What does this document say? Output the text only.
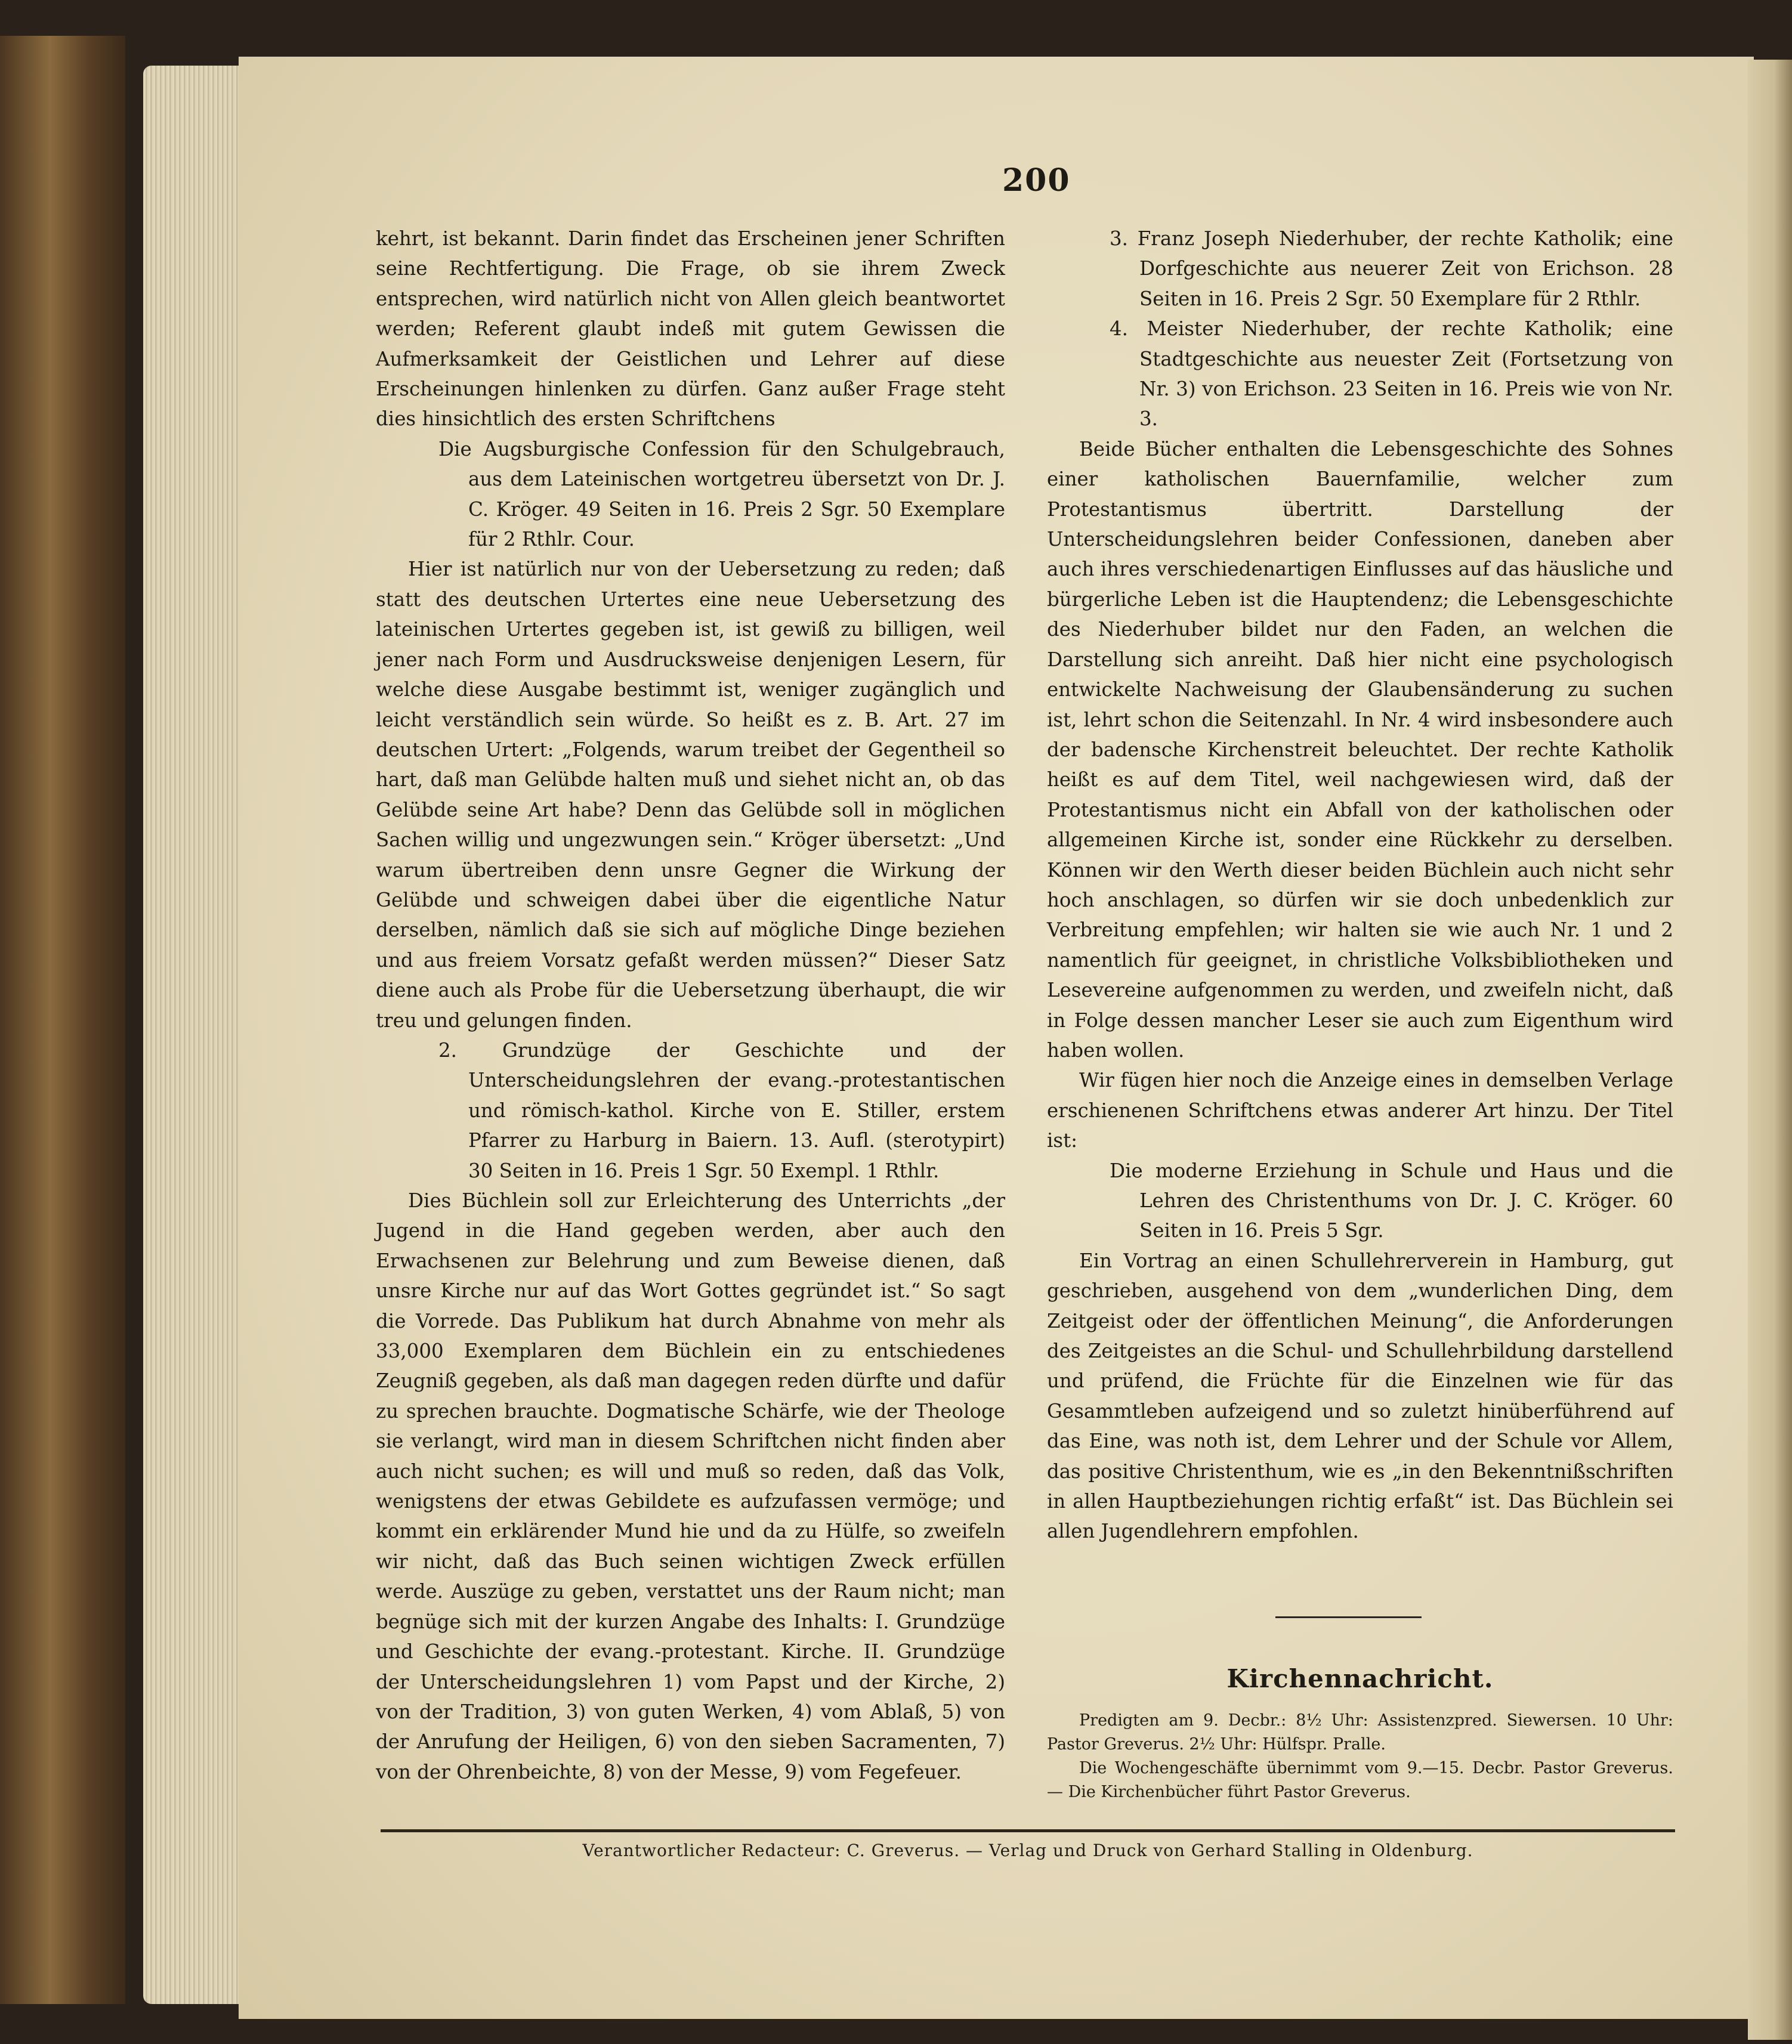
200

kehrt, ist bekannt. Darin findet das Erscheinen jener Schriften seine Rechtfertigung. Die Frage, ob sie ihrem Zweck entsprechen, wird natürlich nicht von Allen gleich beantwortet werden; Referent glaubt indeß mit gutem Gewissen die Aufmerksamkeit der Geistlichen und Lehrer auf diese Erscheinungen hinlenken zu dürfen. Ganz außer Frage steht dies hinsichtlich des ersten Schriftchens

Die Augsburgische Confession für den Schulgebrauch, aus dem Lateinischen wortgetreu übersetzt von Dr. J. C. Kröger. 49 Seiten in 16. Preis 2 Sgr. 50 Exemplare für 2 Rthlr. Cour.

Hier ist natürlich nur von der Uebersetzung zu reden; daß statt des deutschen Urtertes eine neue Uebersetzung des lateinischen Urtertes gegeben ist, ist gewiß zu billigen, weil jener nach Form und Ausdrucksweise denjenigen Lesern, für welche diese Ausgabe bestimmt ist, weniger zugänglich und leicht verständlich sein würde. So heißt es z. B. Art. 27 im deutschen Urtert: „Folgends, warum treibet der Gegentheil so hart, daß man Gelübde halten muß und siehet nicht an, ob das Gelübde seine Art habe? Denn das Gelübde soll in möglichen Sachen willig und ungezwungen sein.“ Kröger übersetzt: „Und warum übertreiben denn unsre Gegner die Wirkung der Gelübde und schweigen dabei über die eigentliche Natur derselben, nämlich daß sie sich auf mögliche Dinge beziehen und aus freiem Vorsatz gefaßt werden müssen?“ Dieser Satz diene auch als Probe für die Uebersetzung überhaupt, die wir treu und gelungen finden.

2. Grundzüge der Geschichte und der Unterscheidungslehren der evang.-protestantischen und römisch-kathol. Kirche von E. Stiller, erstem Pfarrer zu Harburg in Baiern. 13. Aufl. (sterotypirt) 30 Seiten in 16. Preis 1 Sgr. 50 Exempl. 1 Rthlr.

Dies Büchlein soll zur Erleichterung des Unterrichts „der Jugend in die Hand gegeben werden, aber auch den Erwachsenen zur Belehrung und zum Beweise dienen, daß unsre Kirche nur auf das Wort Gottes gegründet ist.“ So sagt die Vorrede. Das Publikum hat durch Abnahme von mehr als 33,000 Exemplaren dem Büchlein ein zu entschiedenes Zeugniß gegeben, als daß man dagegen reden dürfte und dafür zu sprechen brauchte. Dogmatische Schärfe, wie der Theologe sie verlangt, wird man in diesem Schriftchen nicht finden aber auch nicht suchen; es will und muß so reden, daß das Volk, wenigstens der etwas Gebildete es aufzufassen vermöge; und kommt ein erklärender Mund hie und da zu Hülfe, so zweifeln wir nicht, daß das Buch seinen wichtigen Zweck erfüllen werde. Auszüge zu geben, verstattet uns der Raum nicht; man begnüge sich mit der kurzen Angabe des Inhalts: I. Grundzüge und Geschichte der evang.-protestant. Kirche. II. Grundzüge der Unterscheidungslehren 1) vom Papst und der Kirche, 2) von der Tradition, 3) von guten Werken, 4) vom Ablaß, 5) von der Anrufung der Heiligen, 6) von den sieben Sacramenten, 7) von der Ohrenbeichte, 8) von der Messe, 9) vom Fegefeuer.

3. Franz Joseph Niederhuber, der rechte Katholik; eine Dorfgeschichte aus neuerer Zeit von Erichson. 28 Seiten in 16. Preis 2 Sgr. 50 Exemplare für 2 Rthlr.

4. Meister Niederhuber, der rechte Katholik; eine Stadtgeschichte aus neuester Zeit (Fortsetzung von Nr. 3) von Erichson. 23 Seiten in 16. Preis wie von Nr. 3.

Beide Bücher enthalten die Lebensgeschichte des Sohnes einer katholischen Bauernfamilie, welcher zum Protestantismus übertritt. Darstellung der Unterscheidungslehren beider Confessionen, daneben aber auch ihres verschiedenartigen Einflusses auf das häusliche und bürgerliche Leben ist die Hauptendenz; die Lebensgeschichte des Niederhuber bildet nur den Faden, an welchen die Darstellung sich anreiht. Daß hier nicht eine psychologisch entwickelte Nachweisung der Glaubensänderung zu suchen ist, lehrt schon die Seitenzahl. In Nr. 4 wird insbesondere auch der badensche Kirchenstreit beleuchtet. Der rechte Katholik heißt es auf dem Titel, weil nachgewiesen wird, daß der Protestantismus nicht ein Abfall von der katholischen oder allgemeinen Kirche ist, sonder eine Rückkehr zu derselben. Können wir den Werth dieser beiden Büchlein auch nicht sehr hoch anschlagen, so dürfen wir sie doch unbedenklich zur Verbreitung empfehlen; wir halten sie wie auch Nr. 1 und 2 namentlich für geeignet, in christliche Volksbibliotheken und Lesevereine aufgenommen zu werden, und zweifeln nicht, daß in Folge dessen mancher Leser sie auch zum Eigenthum wird haben wollen.

Wir fügen hier noch die Anzeige eines in demselben Verlage erschienenen Schriftchens etwas anderer Art hinzu. Der Titel ist:

Die moderne Erziehung in Schule und Haus und die Lehren des Christenthums von Dr. J. C. Kröger. 60 Seiten in 16. Preis 5 Sgr.

Ein Vortrag an einen Schullehrerverein in Hamburg, gut geschrieben, ausgehend von dem „wunderlichen Ding, dem Zeitgeist oder der öffentlichen Meinung“, die Anforderungen des Zeitgeistes an die Schul- und Schullehrbildung darstellend und prüfend, die Früchte für die Einzelnen wie für das Gesammtleben aufzeigend und so zuletzt hinüberführend auf das Eine, was noth ist, dem Lehrer und der Schule vor Allem, das positive Christenthum, wie es „in den Bekenntnißschriften in allen Hauptbeziehungen richtig erfaßt“ ist. Das Büchlein sei allen Jugendlehrern empfohlen.

Kirchennachricht.

Predigten am 9. Decbr.: 8½ Uhr: Assistenzpred. Siewersen. 10 Uhr: Pastor Greverus. 2½ Uhr: Hülfspr. Pralle.

Die Wochengeschäfte übernimmt vom 9.—15. Decbr. Pastor Greverus. — Die Kirchenbücher führt Pastor Greverus.

Verantwortlicher Redacteur: C. Greverus. — Verlag und Druck von Gerhard Stalling in Oldenburg.
